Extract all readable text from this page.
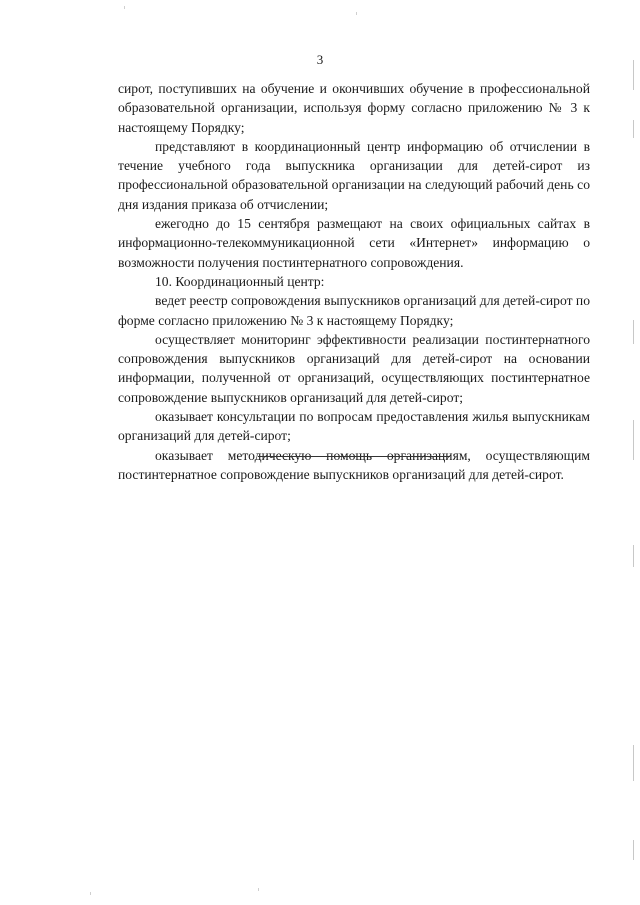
3

сирот, поступивших на обучение и окончивших обучение в профессиональной образовательной организации, используя форму согласно приложению № 3 к настоящему Порядку;

представляют в координационный центр информацию об отчислении в течение учебного года выпускника организации для детей-сирот из профессиональной образовательной организации на следующий рабочий день со дня издания приказа об отчислении;

ежегодно до 15 сентября размещают на своих официальных сайтах в информационно-телекоммуникационной сети «Интернет» информацию о возможности получения постинтернатного сопровождения.

10. Координационный центр:

ведет реестр сопровождения выпускников организаций для детей-сирот по форме согласно приложению № 3 к настоящему Порядку;

осуществляет мониторинг эффективности реализации постинтернатного сопровождения выпускников организаций для детей-сирот на основании информации, полученной от организаций, осуществляющих постинтернатное сопровождение выпускников организаций для детей-сирот;

оказывает консультации по вопросам предоставления жилья выпускникам организаций для детей-сирот;

оказывает методическую помощь организациям, осуществляющим постинтернатное сопровождение выпускников организаций для детей-сирот.
